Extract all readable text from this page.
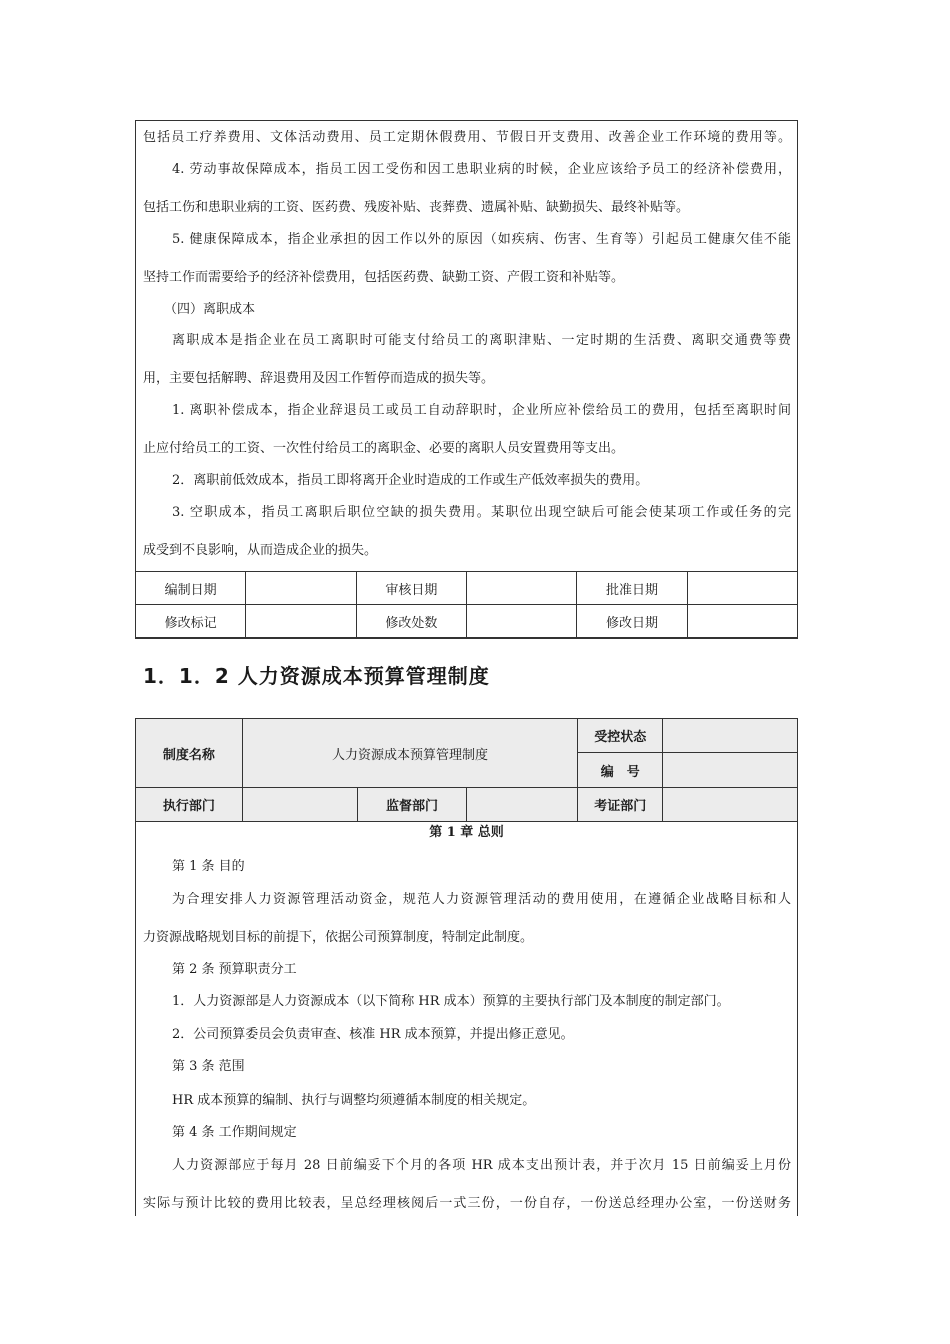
包括员工疗养费用、文体活动费用、员工定期休假费用、节假日开支费用、改善企业工作环境的费用等。
4. 劳动事故保障成本，指员工因工受伤和因工患职业病的时候，企业应该给予员工的经济补偿费用，
包括工伤和患职业病的工资、医药费、残废补贴、丧葬费、遗属补贴、缺勤损失、最终补贴等。
5. 健康保障成本，指企业承担的因工作以外的原因（如疾病、伤害、生育等）引起员工健康欠佳不能
坚持工作而需要给予的经济补偿费用，包括医药费、缺勤工资、产假工资和补贴等。
（四）离职成本
离职成本是指企业在员工离职时可能支付给员工的离职津贴、一定时期的生活费、离职交通费等费
用，主要包括解聘、辞退费用及因工作暂停而造成的损失等。
1. 离职补偿成本，指企业辞退员工或员工自动辞职时，企业所应补偿给员工的费用，包括至离职时间
止应付给员工的工资、一次性付给员工的离职金、必要的离职人员安置费用等支出。
2．离职前低效成本，指员工即将离开企业时造成的工作或生产低效率损失的费用。
3. 空职成本，指员工离职后职位空缺的损失费用。某职位出现空缺后可能会使某项工作或任务的完
成受到不良影响，从而造成企业的损失。
编制日期		审核日期		批准日期	
修改标记		修改处数		修改日期	
1．1．2 人力资源成本预算管理制度
制度名称	人力资源成本预算管理制度			受控状态	
				编　号	
执行部门		监督部门		考证部门	
第 1 章 总则
第 1 条 目的
为合理安排人力资源管理活动资金，规范人力资源管理活动的费用使用，在遵循企业战略目标和人
力资源战略规划目标的前提下，依据公司预算制度，特制定此制度。
第 2 条 预算职责分工
1．人力资源部是人力资源成本（以下简称 HR 成本）预算的主要执行部门及本制度的制定部门。
2．公司预算委员会负责审查、核准 HR 成本预算，并提出修正意见。
第 3 条 范围
HR 成本预算的编制、执行与调整均须遵循本制度的相关规定。
第 4 条 工作期间规定
人力资源部应于每月 28 日前编妥下个月的各项 HR 成本支出预计表，并于次月 15 日前编妥上月份
实际与预计比较的费用比较表，呈总经理核阅后一式三份，一份自存，一份送总经理办公室，一份送财务
